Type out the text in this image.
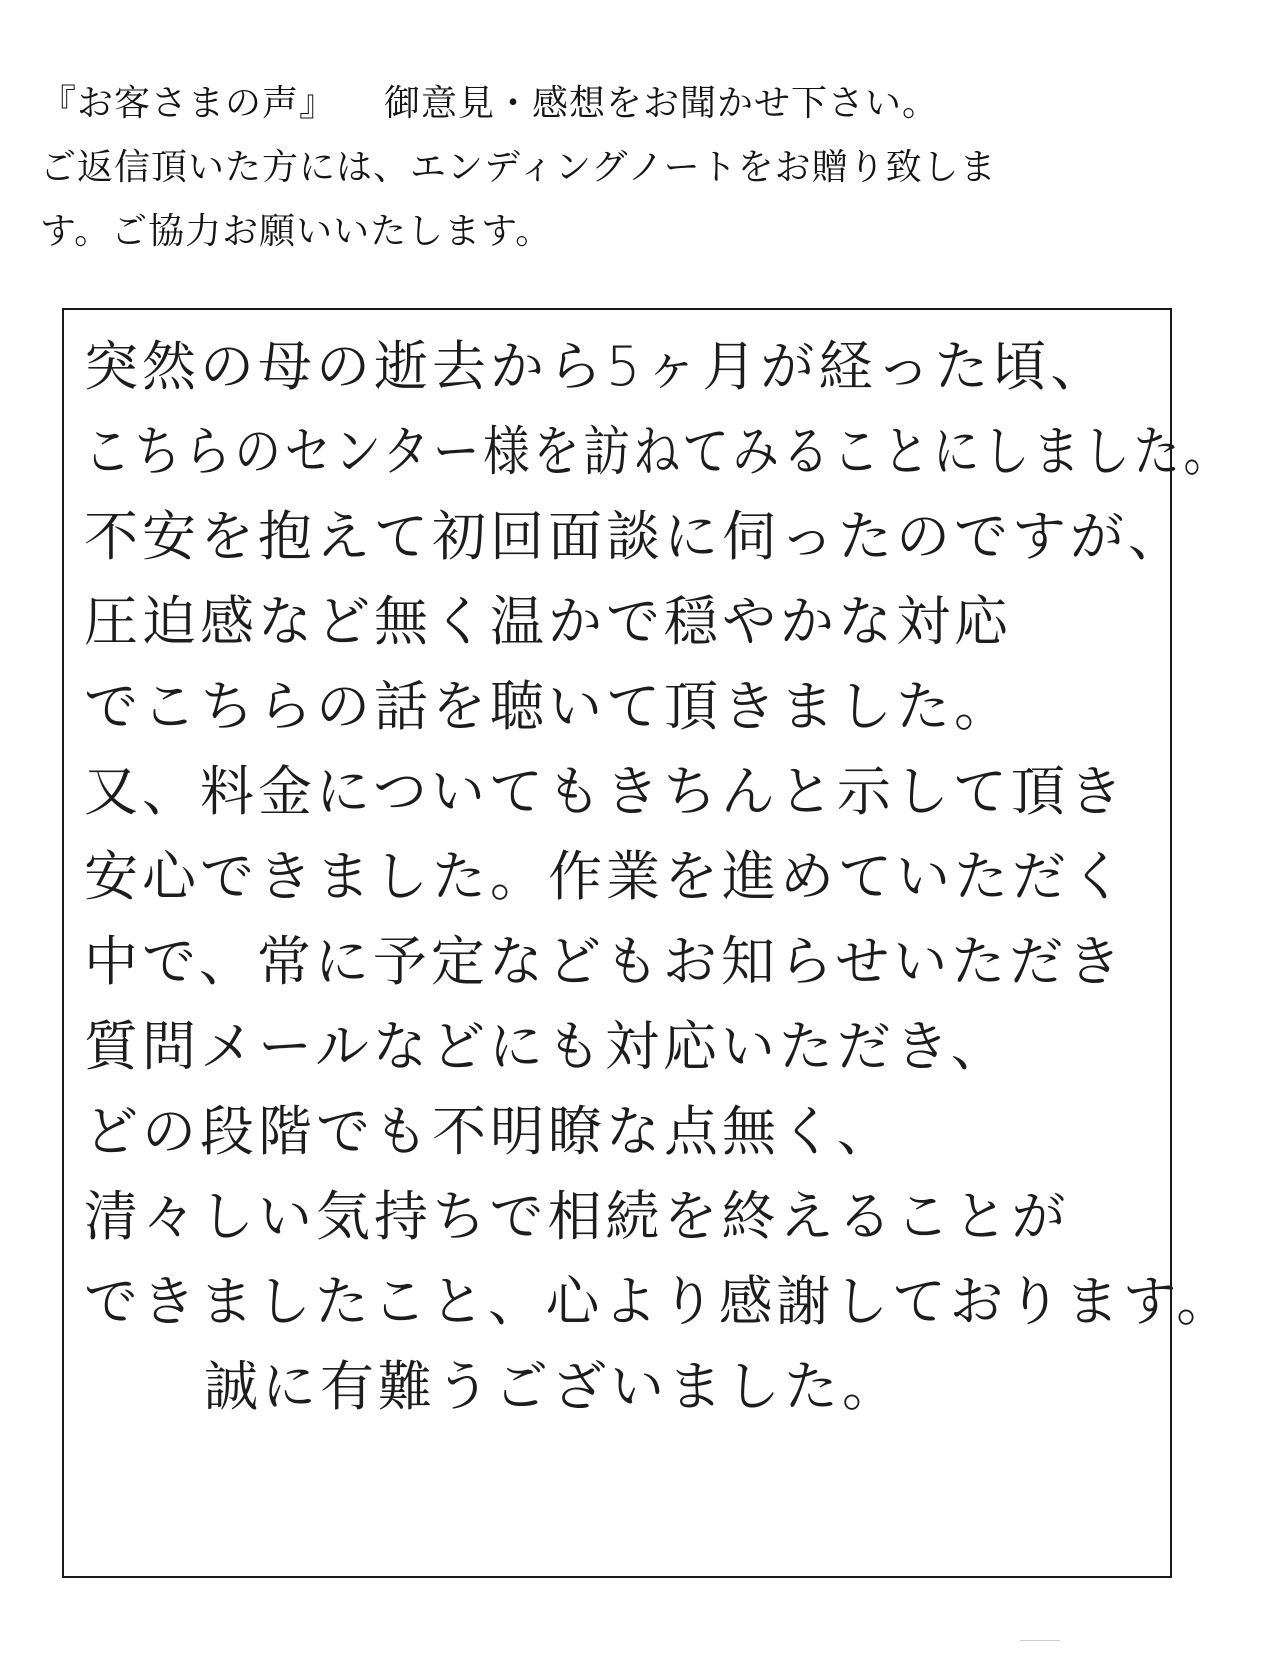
『お客さまの声』 御意見・感想をお聞かせ下さい。
ご返信頂いた方には、エンディングノートをお贈り致しま
す。ご協力お願いいたします。
突然の母の逝去から5ヶ月が経った頃、
こちらのセンター様を訪ねてみることにしました。
不安を抱えて初回面談に伺ったのですが、
圧迫感など無く温かで穏やかな対応
でこちらの話を聴いて頂きました。
又、料金についてもきちんと示して頂き
安心できました。作業を進めていただく
中で、常に予定などもお知らせいただき
質問メールなどにも対応いただき、
どの段階でも不明瞭な点無く、
清々しい気持ちで相続を終えることが
できましたこと、心より感謝しております。
誠に有難うございました。
